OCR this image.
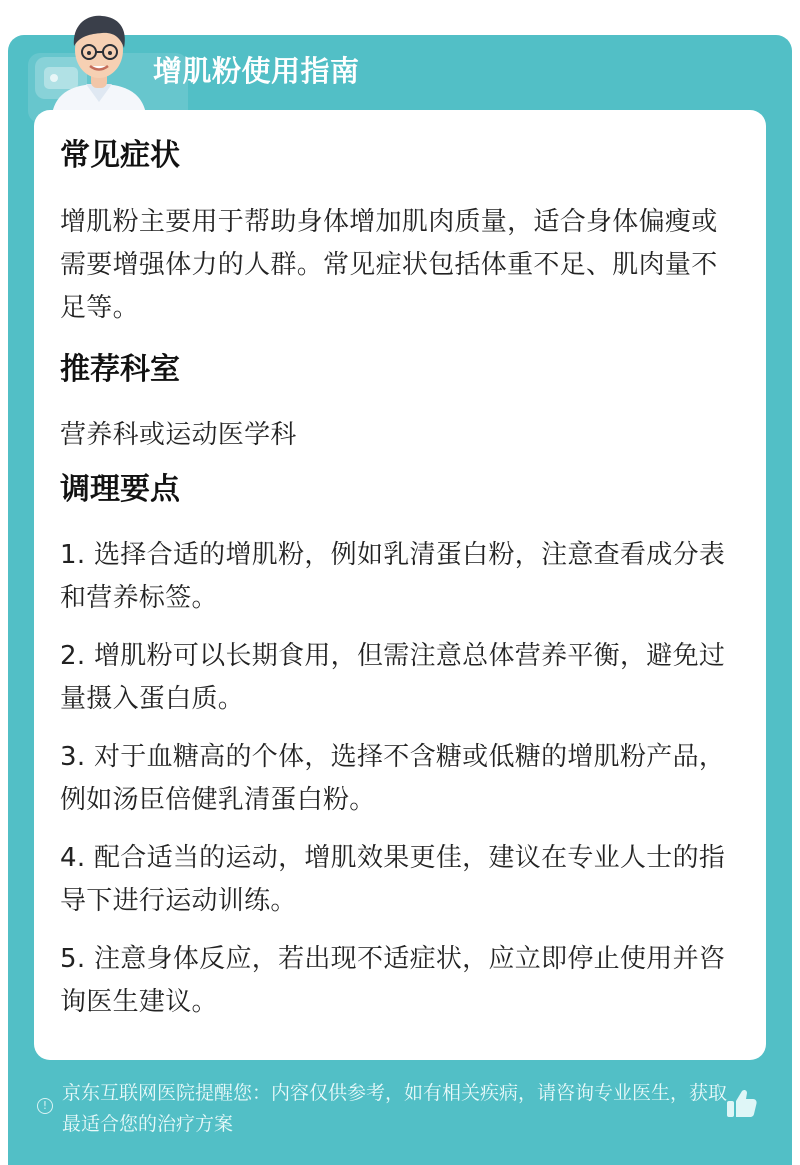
增肌粉使用指南
常见症状

增肌粉主要用于帮助身体增加肌肉质量，适合身体偏瘦或需要增强体力的人群。常见症状包括体重不足、肌肉量不足等。

推荐科室

营养科或运动医学科

调理要点

1. 选择合适的增肌粉，例如乳清蛋白粉，注意查看成分表和营养标签。

2. 增肌粉可以长期食用，但需注意总体营养平衡，避免过量摄入蛋白质。

3. 对于血糖高的个体，选择不含糖或低糖的增肌粉产品，例如汤臣倍健乳清蛋白粉。

4. 配合适当的运动，增肌效果更佳，建议在专业人士的指导下进行运动训练。

5. 注意身体反应，若出现不适症状，应立即停止使用并咨询医生建议。

!
京东互联网医院提醒您：内容仅供参考，如有相关疾病，请咨询专业医生，获取最适合您的治疗方案
